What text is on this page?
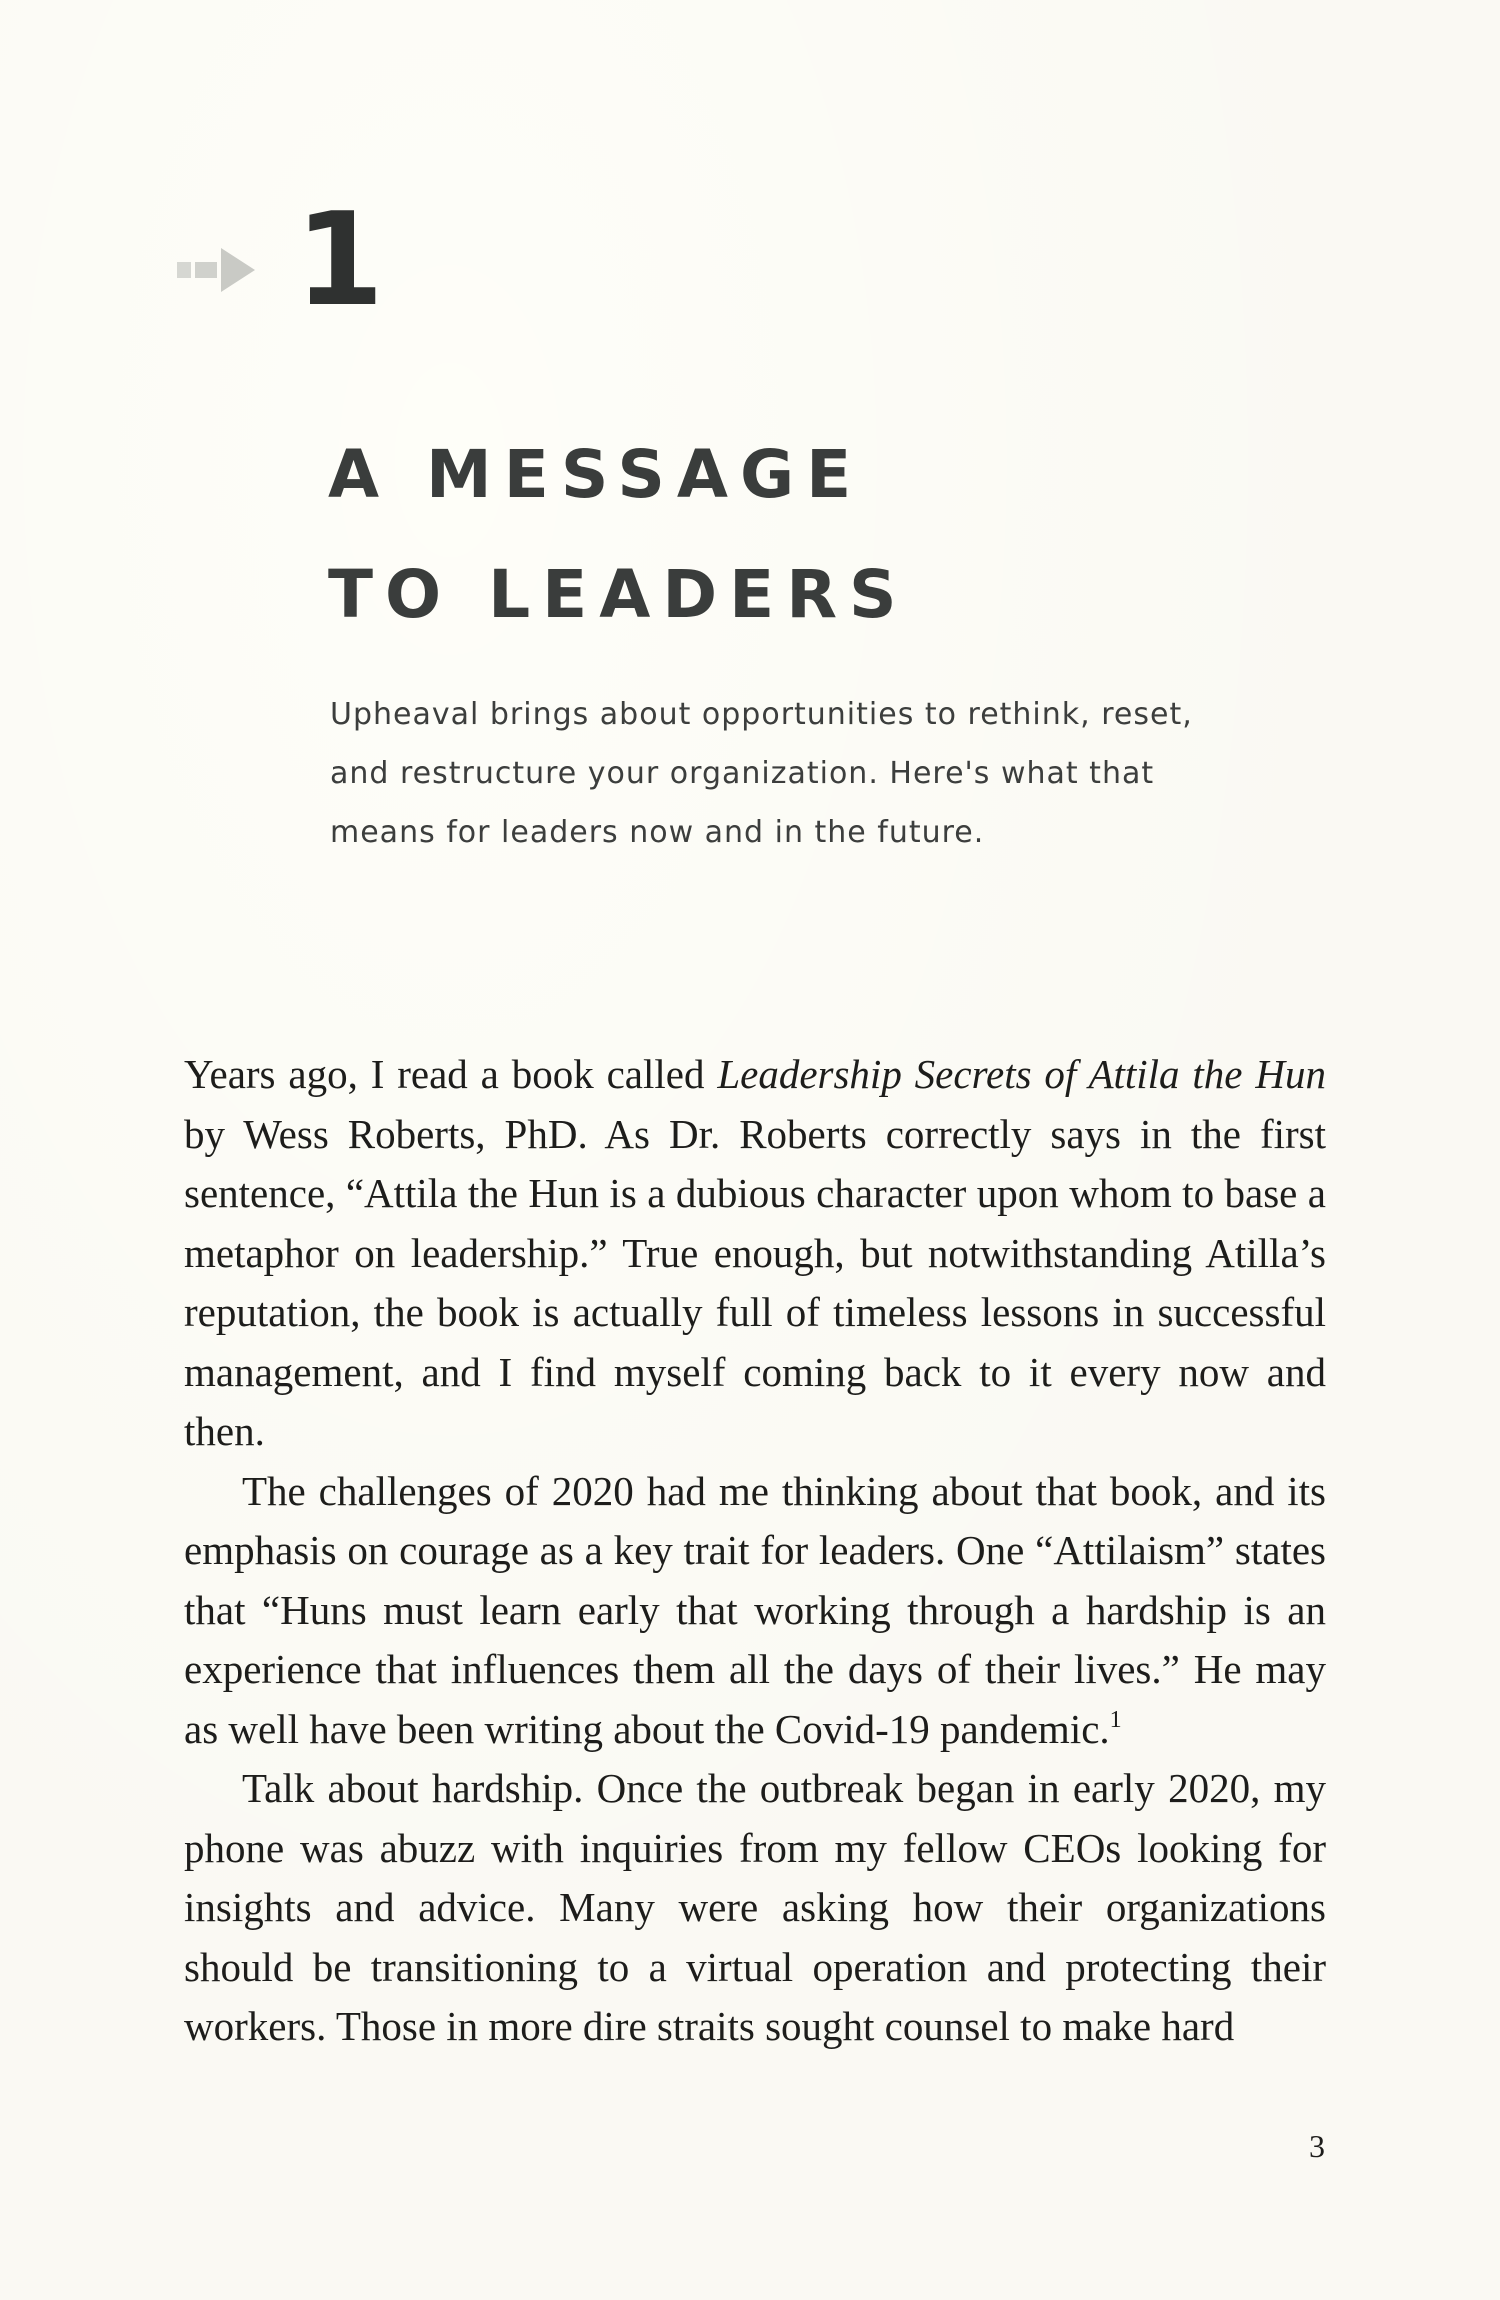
1
A MESSAGE
TO LEADERS
Upheaval brings about opportunities to rethink, reset, and restructure your organization. Here's what that means for leaders now and in the future.

Years ago, I read a book called Leadership Secrets of Attila the Hun by Wess Roberts, PhD. As Dr. Roberts correctly says in the first sentence, “Attila the Hun is a dubious character upon whom to base a metaphor on leadership.” True enough, but notwithstanding Atilla’s reputation, the book is actually full of timeless lessons in successful management, and I find myself coming back to it every now and then.

The challenges of 2020 had me thinking about that book, and its emphasis on courage as a key trait for leaders. One “Attilaism” states that “Huns must learn early that working through a hardship is an experience that influences them all the days of their lives.” He may as well have been writing about the Covid-19 pandemic.$^1$

Talk about hardship. Once the outbreak began in early 2020, my phone was abuzz with inquiries from my fellow CEOs looking for insights and advice. Many were asking how their organizations should be transitioning to a virtual operation and protecting their workers. Those in more dire straits sought counsel to make hard

3
